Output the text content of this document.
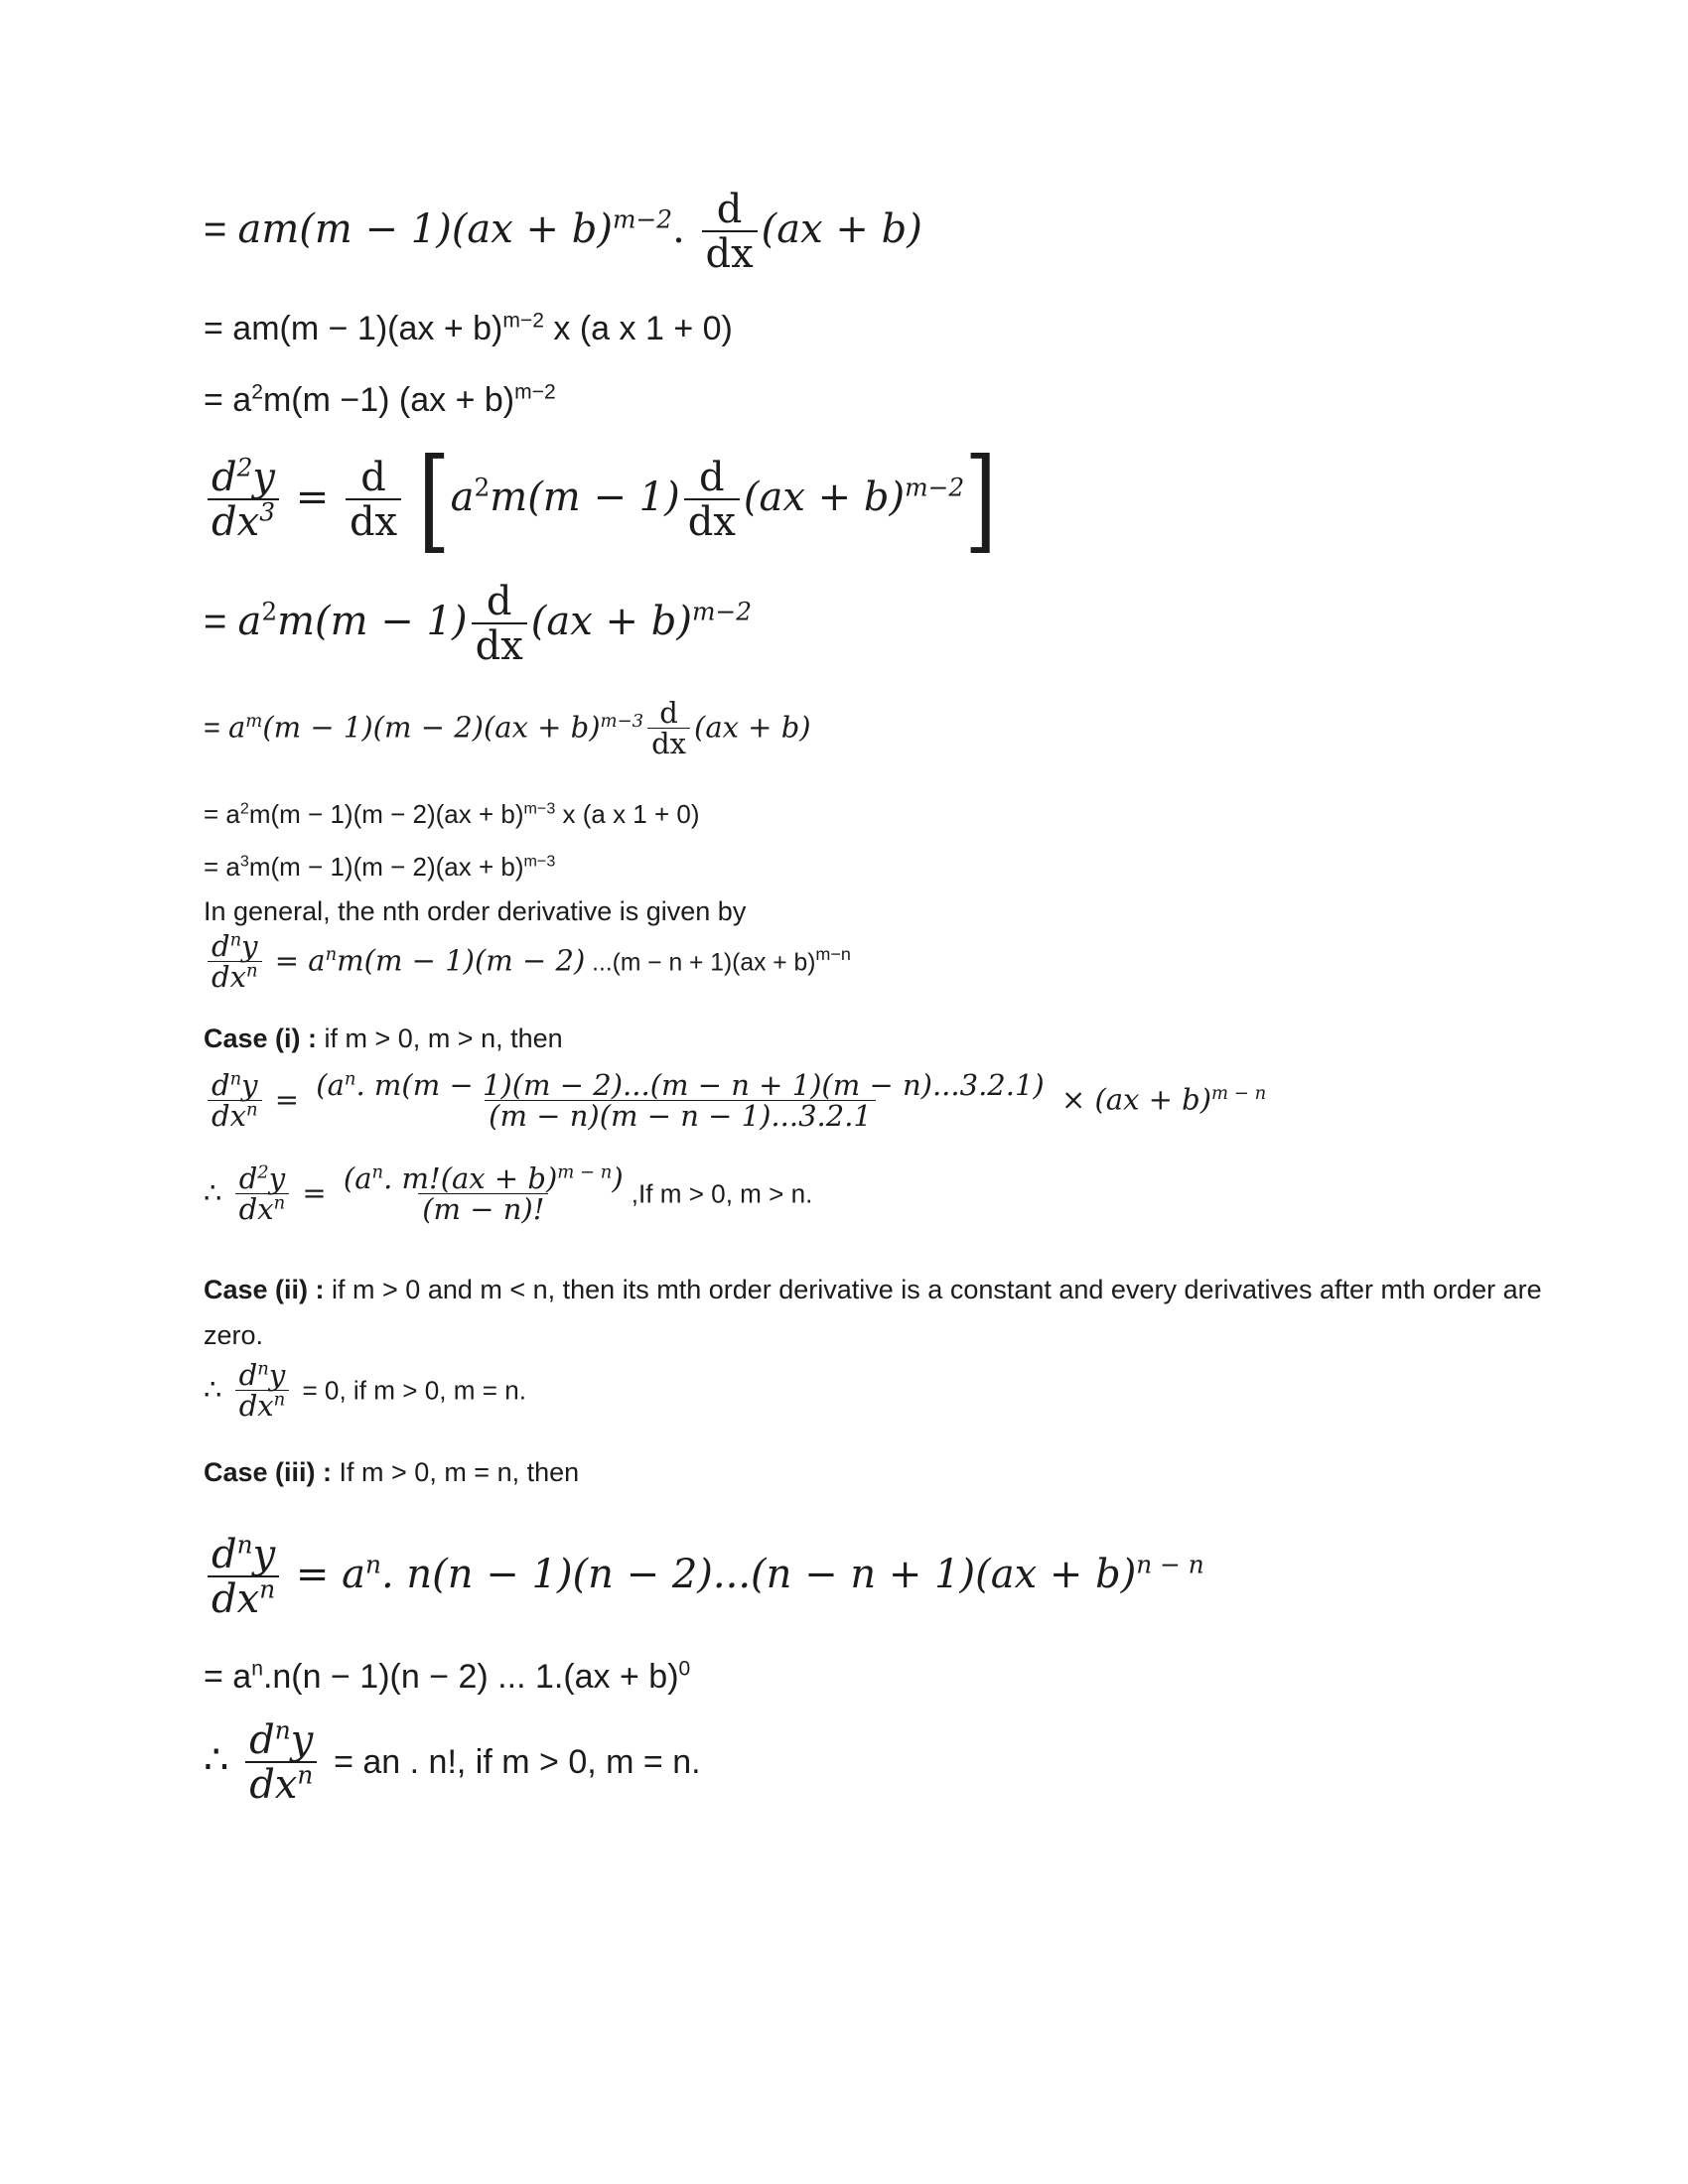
= am(m − 1)(ax + b)$^{m-2}$. $\frac{d}{dx} (ax + b)$
= am(m − 1)(ax + b)$^{m-2}$ x (a x 1 + 0)
= $a^2m(m -1) (ax + b)^{m-2}$
$\frac{d^2y}{dx^3} = \frac{d}{dx} [a^2m(m - 1) \frac{d}{dx} (ax + b)^{m-2}]$
= $a^2m(m - 1) \frac{d}{dx} (ax + b)^{m-2}$
= $a^m(m - 1)(m - 2)(ax + b)^{m-3} \frac{d}{dx} (ax + b)$
= $a^2m(m - 1)(m - 2)(ax + b)^{m-3}$ x (a x 1 + 0)
= $a^3m(m - 1)(m - 2)(ax + b)^{m-3}$
In general, the nth order derivative is given by
$\frac{d^ny}{dx^n} = a^nm(m - 1)(m - 2) ...(m - n + 1)(ax + b)^{m-n}$
Case (i) : if m > 0, m > n, then
$\frac{d^ny}{dx^n} = \frac{(a^n. m(m - 1)(m - 2)...(m - n + 1)(m - n)...3.2.1)}{(m - n)(m - n - 1)...3.2.1} \times (ax + b)^{m - n}$
∴ $\frac{d^2y}{dx^n} = \frac{(a^n. m!(ax + b)^{m - n})}{(m - n)!} ,If$ m > 0, m > n.
Case (ii) : if m > 0 and m < n, then its mth order derivative is a constant and every derivatives after mth order are
zero.
∴ $\frac{d^ny}{dx^n} = 0$, if m > 0, m = n.
Case (iii) : If m > 0, m = n, then
$\frac{d^ny}{dx^n} = a^n$. n(n − 1)(n − 2)...(n − n + 1)(ax + b)$^{n - n}$
= $a^n.n(n - 1)(n - 2)$ ... 1.(ax + b)$^0$
∴ $\frac{d^ny}{dx^n}$ = an . n!, if m > 0, m = n.
